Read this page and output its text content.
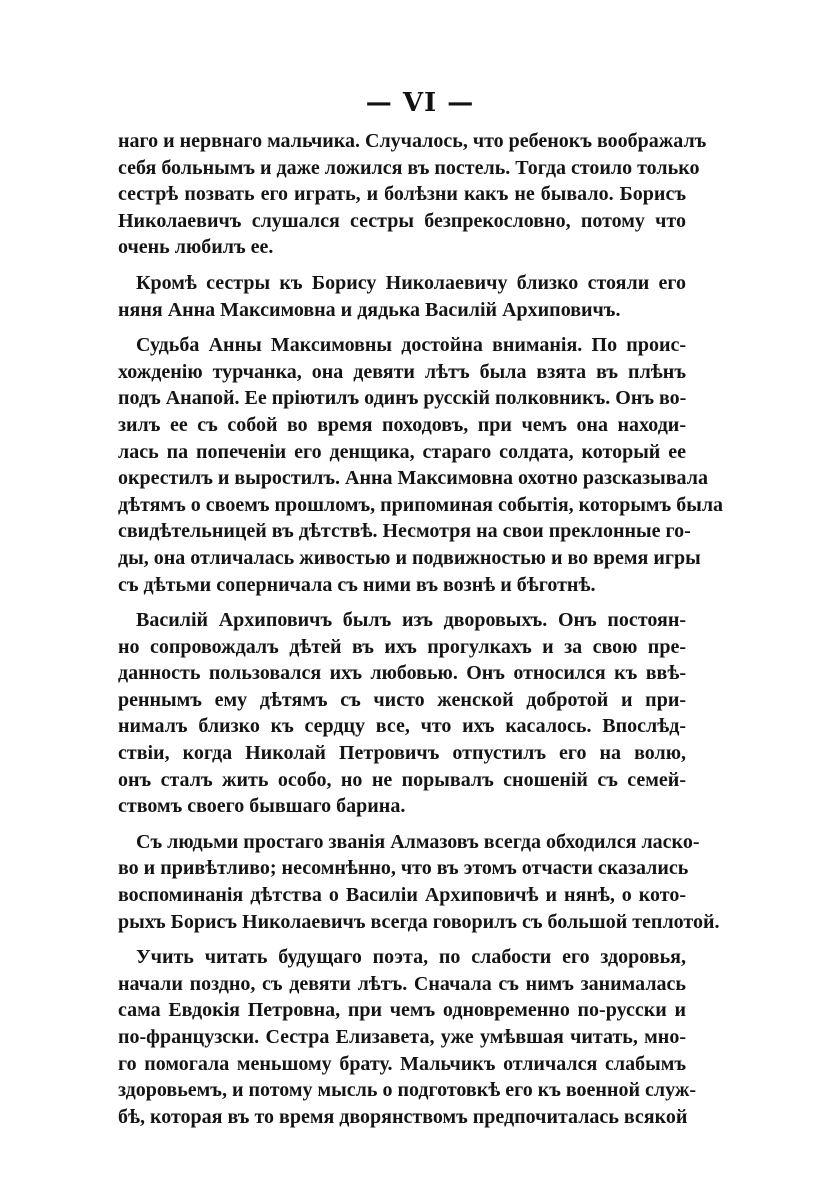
— VI —
наго и нервнаго мальчика. Случалось, что ребенокъ воображалъ
себя больнымъ и даже ложился въ постель. Тогда стоило только
сестрѣ позвать его играть, и болѣзни какъ не бывало. Борисъ
Николаевичъ слушался сестры безпрекословно, потому что
очень любилъ ее.
Кромѣ сестры къ Борису Николаевичу близко стояли его
няня Анна Максимовна и дядька Василій Архиповичъ.
Судьба Анны Максимовны достойна вниманія. По проис-
хожденію турчанка, она девяти лѣтъ была взята въ плѣнъ
подъ Анапой. Ее пріютилъ одинъ русскій полковникъ. Онъ во-
зилъ ее съ собой во время походовъ, при чемъ она находи-
лась па попеченіи его денщика, стараго солдата, который ее
окрестилъ и выростилъ. Анна Максимовна охотно разсказывала
дѣтямъ о своемъ прошломъ, припоминая событія, которымъ была
свидѣтельницей въ дѣтствѣ. Несмотря на свои преклонные го-
ды, она отличалась живостью и подвижностью и во время игры
съ дѣтьми соперничала съ ними въ вознѣ и бѣготнѣ.
Василій Архиповичъ былъ изъ дворовыхъ. Онъ постоян-
но сопровождалъ дѣтей въ ихъ прогулкахъ и за свою пре-
данность пользовался ихъ любовью. Онъ относился къ ввѣ-
реннымъ ему дѣтямъ съ чисто женской добротой и при-
нималъ близко къ сердцу все, что ихъ касалось. Впослѣд-
ствіи, когда Николай Петровичъ отпустилъ его на волю,
онъ сталъ жить особо, но не порывалъ сношеній съ семей-
ствомъ своего бывшаго барина.
Съ людьми простаго званія Алмазовъ всегда обходился ласко-
во и привѣтливо; несомнѣнно, что въ этомъ отчасти сказались
воспоминанія дѣтства о Василіи Архиповичѣ и нянѣ, о кото-
рыхъ Борисъ Николаевичъ всегда говорилъ съ большой теплотой.
Учить читать будущаго поэта, по слабости его здоровья,
начали поздно, съ девяти лѣтъ. Сначала съ нимъ занималась
сама Евдокія Петровна, при чемъ одновременно по-русски и
по-французски. Сестра Елизавета, уже умѣвшая читать, мно-
го помогала меньшому брату. Мальчикъ отличался слабымъ
здоровьемъ, и потому мысль о подготовкѣ его къ военной служ-
бѣ, которая въ то время дворянствомъ предпочиталась всякой
